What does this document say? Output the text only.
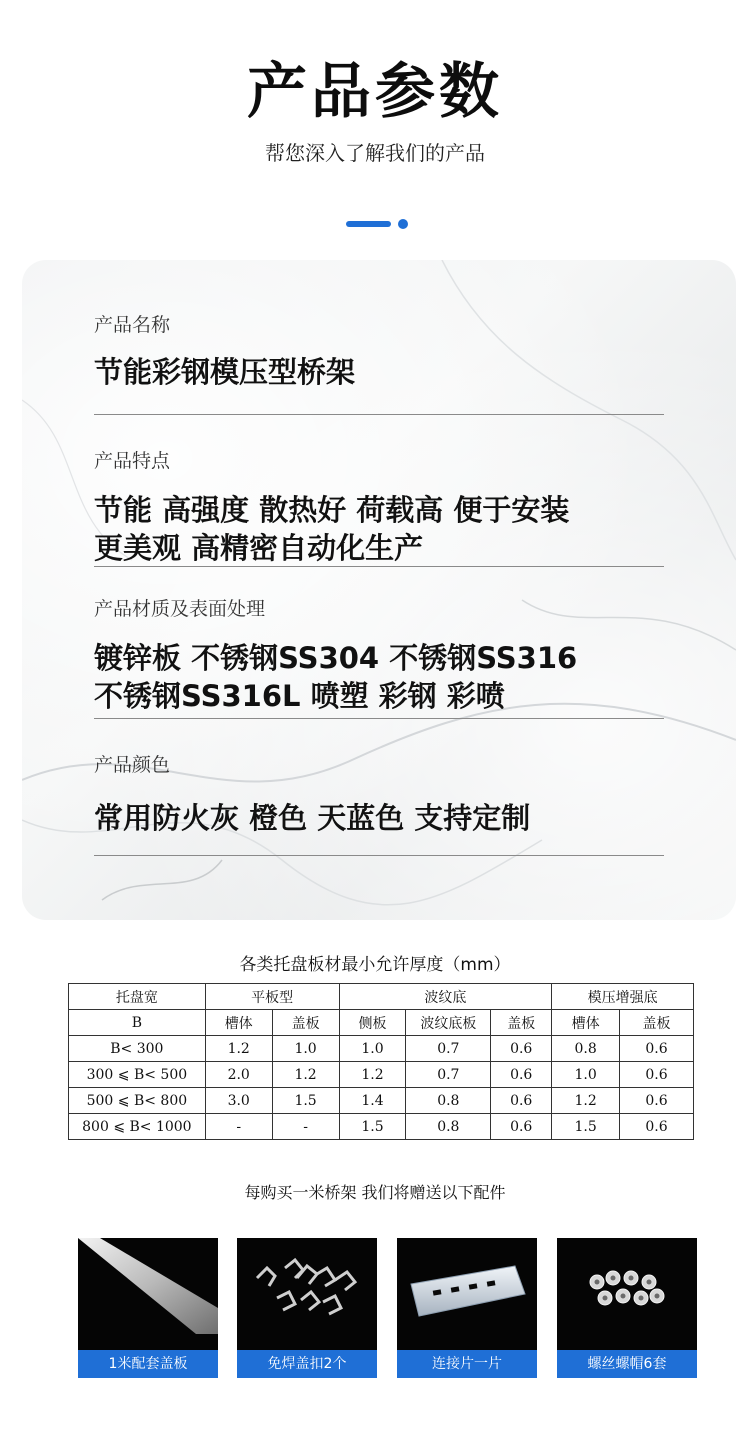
产品参数
帮您深入了解我们的产品
产品名称
节能彩钢模压型桥架
产品特点
节能 高强度 散热好 荷载高 便于安装
更美观 高精密自动化生产
产品材质及表面处理
镀锌板 不锈钢SS304 不锈钢SS316
不锈钢SS316L 喷塑 彩钢 彩喷
产品颜色
常用防火灰 橙色 天蓝色 支持定制
各类托盘板材最小允许厚度（mm）
托盘宽	平板型		波纹底			模压增强底	
B	槽体	盖板	侧板	波纹底板	盖板	槽体	盖板
B< 300	1.2	1.0	1.0	0.7	0.6	0.8	0.6
300 ⩽ B< 500	2.0	1.2	1.2	0.7	0.6	1.0	0.6
500 ⩽ B< 800	3.0	1.5	1.4	0.8	0.6	1.2	0.6
800 ⩽ B< 1000	-	-	1.5	0.8	0.6	1.5	0.6
每购买一米桥架 我们将赠送以下配件
1米配套盖板	免焊盖扣2个	连接片一片	螺丝螺帽6套
